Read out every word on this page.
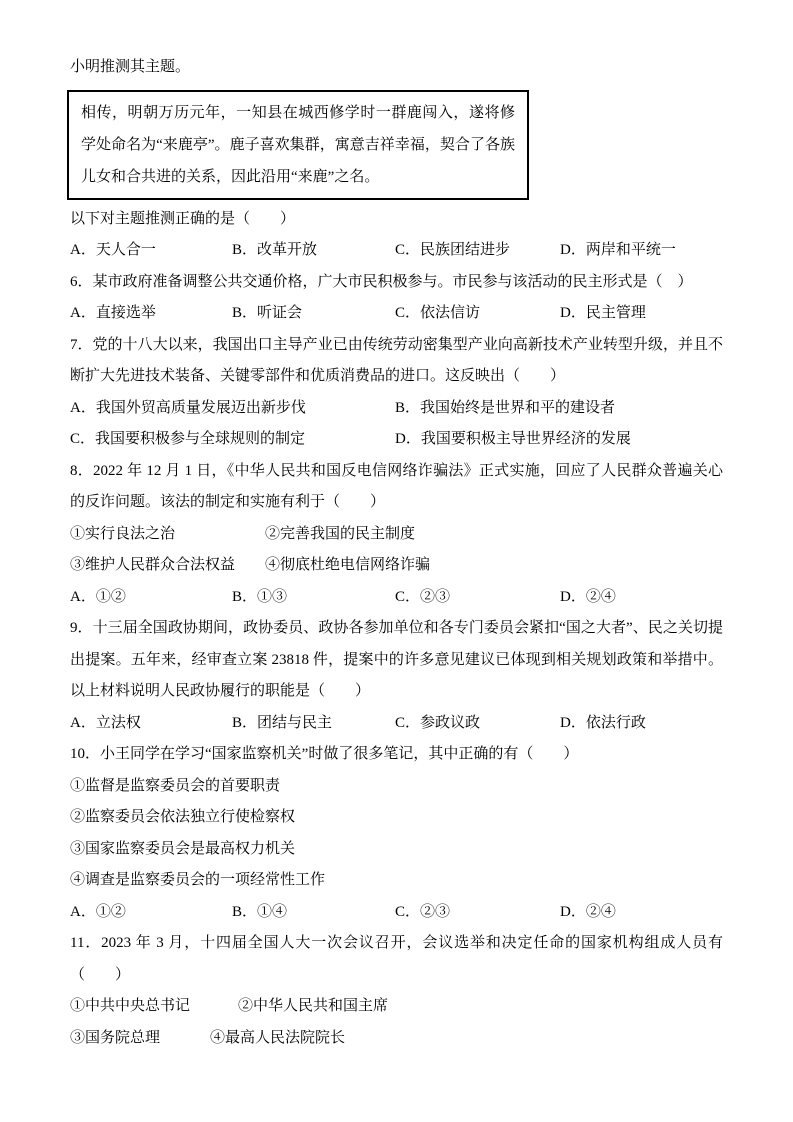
小明推测其主题。

相传，明朝万历元年，一知县在城西修学时一群鹿闯入，遂将修学处命名为“来鹿亭”。鹿子喜欢集群，寓意吉祥幸福，契合了各族儿女和合共进的关系，因此沿用“来鹿”之名。

以下对主题推测正确的是（　　）

A．天人合一	B．改革开放	C．民族团结进步	D．两岸和平统一

6．某市政府准备调整公共交通价格，广大市民积极参与。市民参与该活动的民主形式是（　）

A．直接选举	B．听证会	C．依法信访	D．民主管理

7．党的十八大以来，我国出口主导产业已由传统劳动密集型产业向高新技术产业转型升级，并且不断扩大先进技术装备、关键零部件和优质消费品的进口。这反映出（　　）

A．我国外贸高质量发展迈出新步伐	B．我国始终是世界和平的建设者

C．我国要积极参与全球规则的制定	D．我国要积极主导世界经济的发展

8．2022 年 12 月 1 日，《中华人民共和国反电信网络诈骗法》正式实施，回应了人民群众普遍关心的反诈问题。该法的制定和实施有利于（　　）

①实行良法之治	②完善我国的民主制度

③维护人民群众合法权益	④彻底杜绝电信网络诈骗

A．①②	B．①③	C．②③	D．②④

9．十三届全国政协期间，政协委员、政协各参加单位和各专门委员会紧扣“国之大者”、民之关切提出提案。五年来，经审查立案 23818 件，提案中的许多意见建议已体现到相关规划政策和举措中。以上材料说明人民政协履行的职能是（　　）

A．立法权	B．团结与民主	C．参政议政	D．依法行政

10．小王同学在学习“国家监察机关”时做了很多笔记，其中正确的有（　　）

①监督是监察委员会的首要职责

②监察委员会依法独立行使检察权

③国家监察委员会是最高权力机关

④调查是监察委员会的一项经常性工作

A．①②	B．①④	C．②③	D．②④

11．2023 年 3 月，十四届全国人大一次会议召开，会议选举和决定任命的国家机构组成人员有（　　）

①中共中央总书记	②中华人民共和国主席

③国务院总理	④最高人民法院院长
